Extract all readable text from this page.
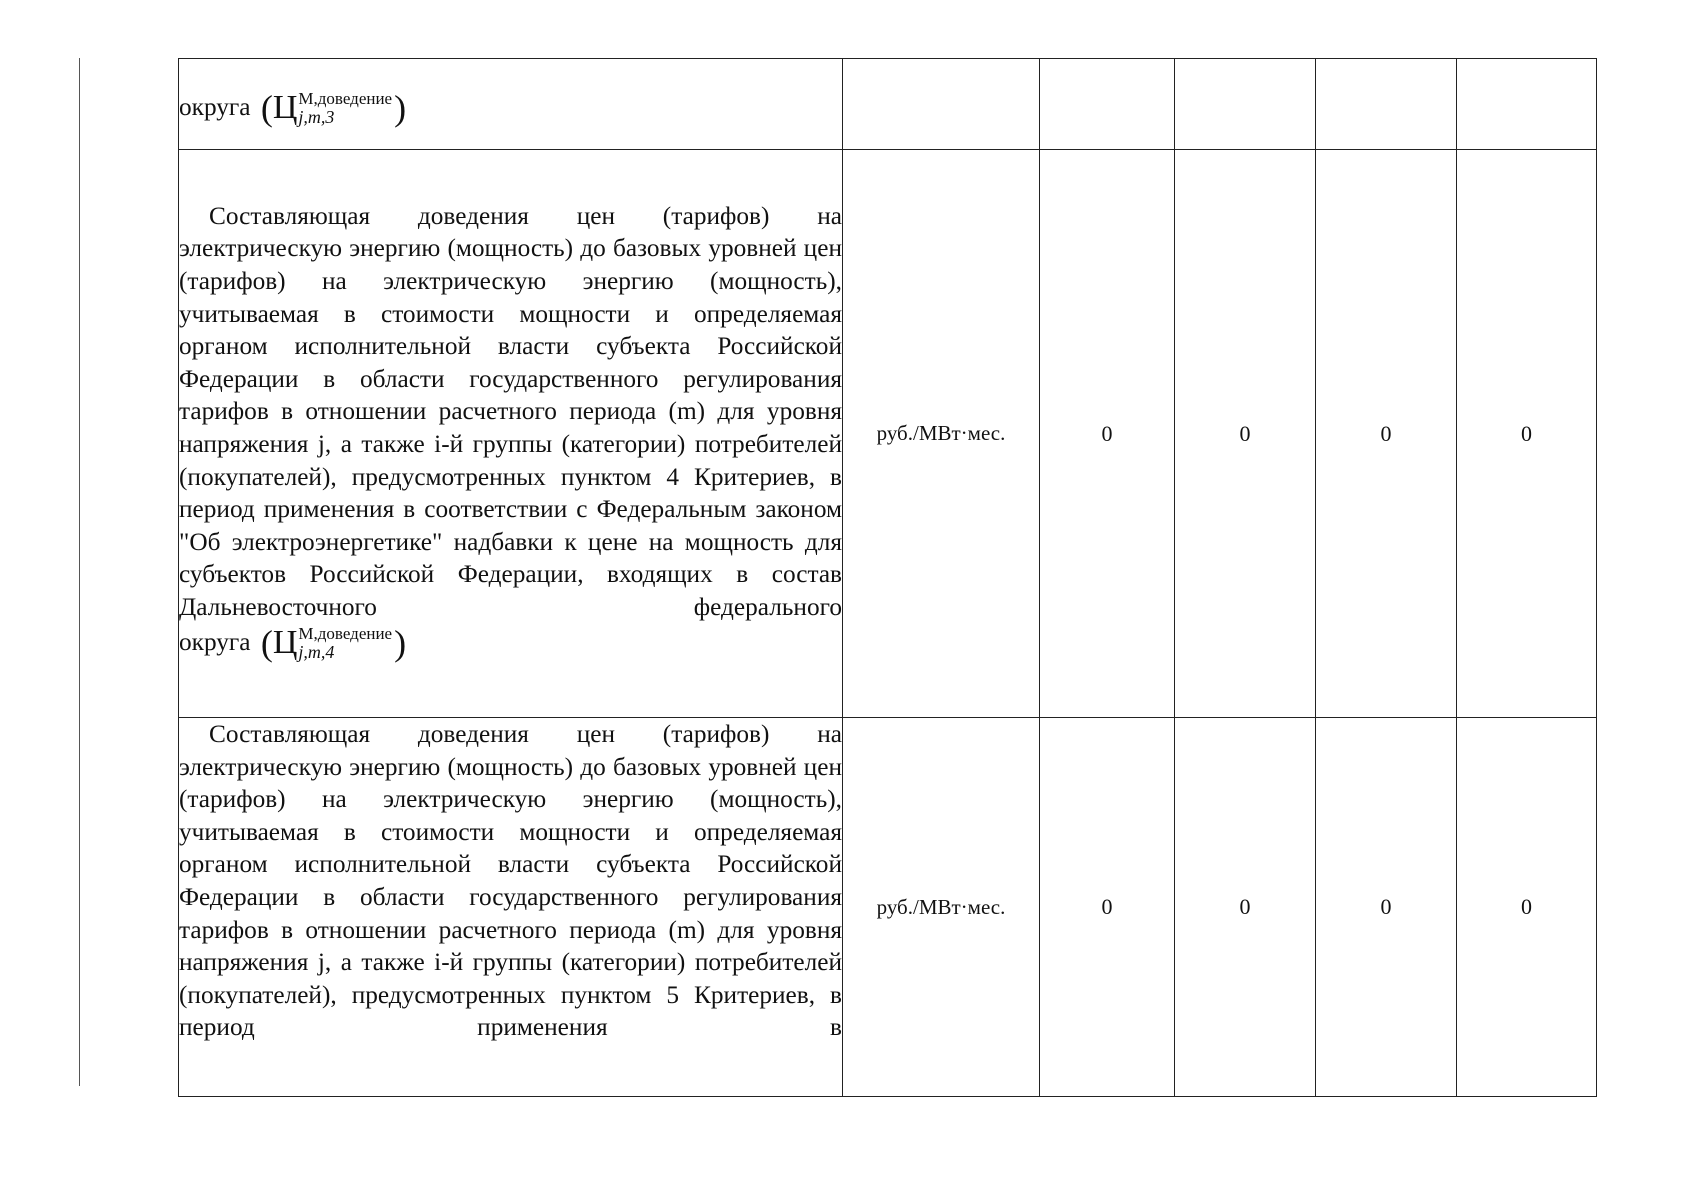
округа (Ц М,доведение
j,m,3 )					

Составляющая доведения цен (тарифов) на электрическую энергию (мощность) до базовых уровней цен (тарифов) на электрическую энергию (мощность), учитываемая в стоимости мощности и определяемая органом исполнительной власти субъекта Российской Федерации в области государственного регулирования тарифов в отношении расчетного периода (m) для уровня напряжения j, а также i-й группы (категории) потребителей (покупателей), предусмотренных пунктом 4 Критериев, в период применения в соответствии с Федеральным законом "Об электроэнергетике" надбавки к цене на мощность для субъектов Российской Федерации, входящих в состав Дальневосточного федерального
округа (Ц М,доведение
j,m,4 )	руб./МВт·мес.	0	0	0	0

Составляющая доведения цен (тарифов) на электрическую энергию (мощность) до базовых уровней цен (тарифов) на электрическую энергию (мощность), учитываемая в стоимости мощности и определяемая органом исполнительной власти субъекта Российской Федерации в области государственного регулирования тарифов в отношении расчетного периода (m) для уровня напряжения j, а также i-й группы (категории) потребителей (покупателей), предусмотренных пунктом 5 Критериев, в период применения в	руб./МВт·мес.	0	0	0	0
